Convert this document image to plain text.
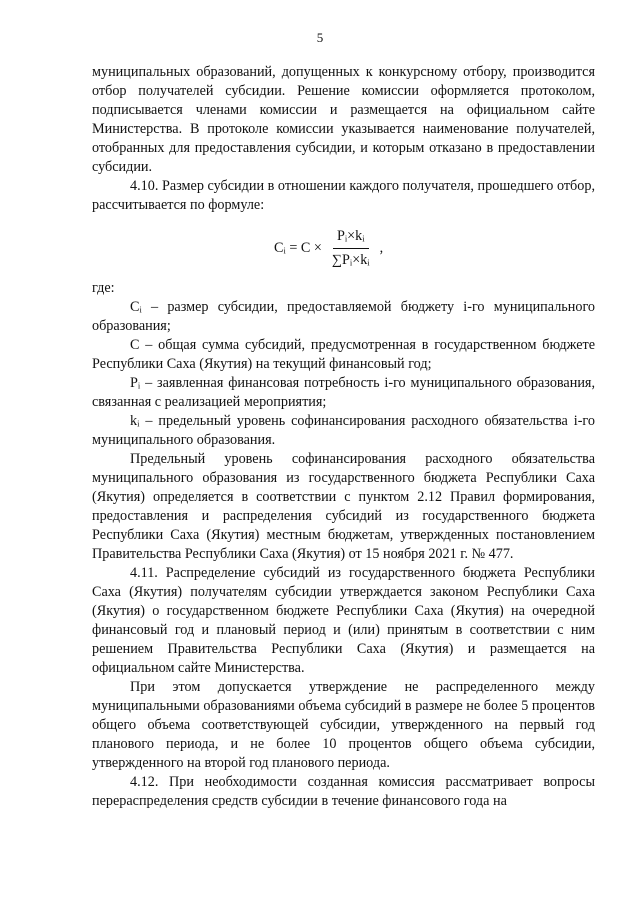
5

муниципальных образований, допущенных к конкурсному отбору, производится отбор получателей субсидии. Решение комиссии оформляется протоколом, подписывается членами комиссии и размещается на официальном сайте Министерства. В протоколе комиссии указывается наименование получателей, отобранных для предоставления субсидии, и которым отказано в предоставлении субсидии.

4.10. Размер субсидии в отношении каждого получателя, прошедшего отбор, рассчитывается по формуле:

Cᵢ = $C \times \frac{\text{Pᵢ×kᵢ}}{\text{∑Pᵢ×kᵢ}}$ ,

где:

Cᵢ – размер субсидии, предоставляемой бюджету i-го муниципального образования;

C – общая сумма субсидий, предусмотренная в государственном бюджете Республики Саха (Якутия) на текущий финансовый год;

Pᵢ – заявленная финансовая потребность i-го муниципального образования, связанная с реализацией мероприятия;

kᵢ – предельный уровень софинансирования расходного обязательства i-го муниципального образования.

Предельный уровень софинансирования расходного обязательства муниципального образования из государственного бюджета Республики Саха (Якутия) определяется в соответствии с пунктом 2.12 Правил формирования, предоставления и распределения субсидий из государственного бюджета Республики Саха (Якутия) местным бюджетам, утвержденных постановлением Правительства Республики Саха (Якутия) от 15 ноября 2021 г. № 477.

4.11. Распределение субсидий из государственного бюджета Республики Саха (Якутия) получателям субсидии утверждается законом Республики Саха (Якутия) о государственном бюджете Республики Саха (Якутия) на очередной финансовый год и плановый период и (или) принятым в соответствии с ним решением Правительства Республики Саха (Якутия) и размещается на официальном сайте Министерства.

При этом допускается утверждение не распределенного между муниципальными образованиями объема субсидий в размере не более 5 процентов общего объема соответствующей субсидии, утвержденного на первый год планового периода, и не более 10 процентов общего объема субсидии, утвержденного на второй год планового периода.

4.12. При необходимости созданная комиссия рассматривает вопросы перераспределения средств субсидии в течение финансового года на
